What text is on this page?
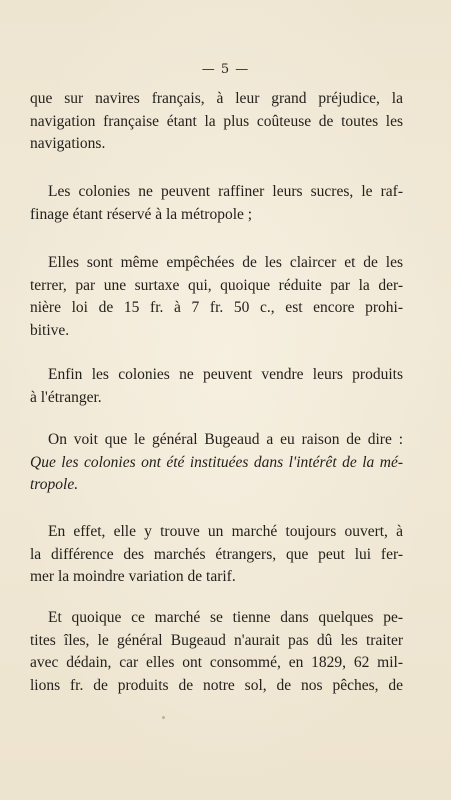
— 5 —
que sur navires français, à leur grand préjudice, la
navigation française étant la plus coûteuse de toutes les
navigations.
Les colonies ne peuvent raffiner leurs sucres, le raf-
finage étant réservé à la métropole ;
Elles sont même empêchées de les claircer et de les
terrer, par une surtaxe qui, quoique réduite par la der-
nière loi de 15 fr. à 7 fr. 50 c., est encore prohi-
bitive.
Enfin les colonies ne peuvent vendre leurs produits
à l'étranger.
On voit que le général Bugeaud a eu raison de dire :
Que les colonies ont été instituées dans l'intérêt de la mé-
tropole.
En effet, elle y trouve un marché toujours ouvert, à
la différence des marchés étrangers, que peut lui fer-
mer la moindre variation de tarif.
Et quoique ce marché se tienne dans quelques pe-
tites îles, le général Bugeaud n'aurait pas dû les traiter
avec dédain, car elles ont consommé, en 1829, 62 mil-
lions fr. de produits de notre sol, de nos pêches, de
